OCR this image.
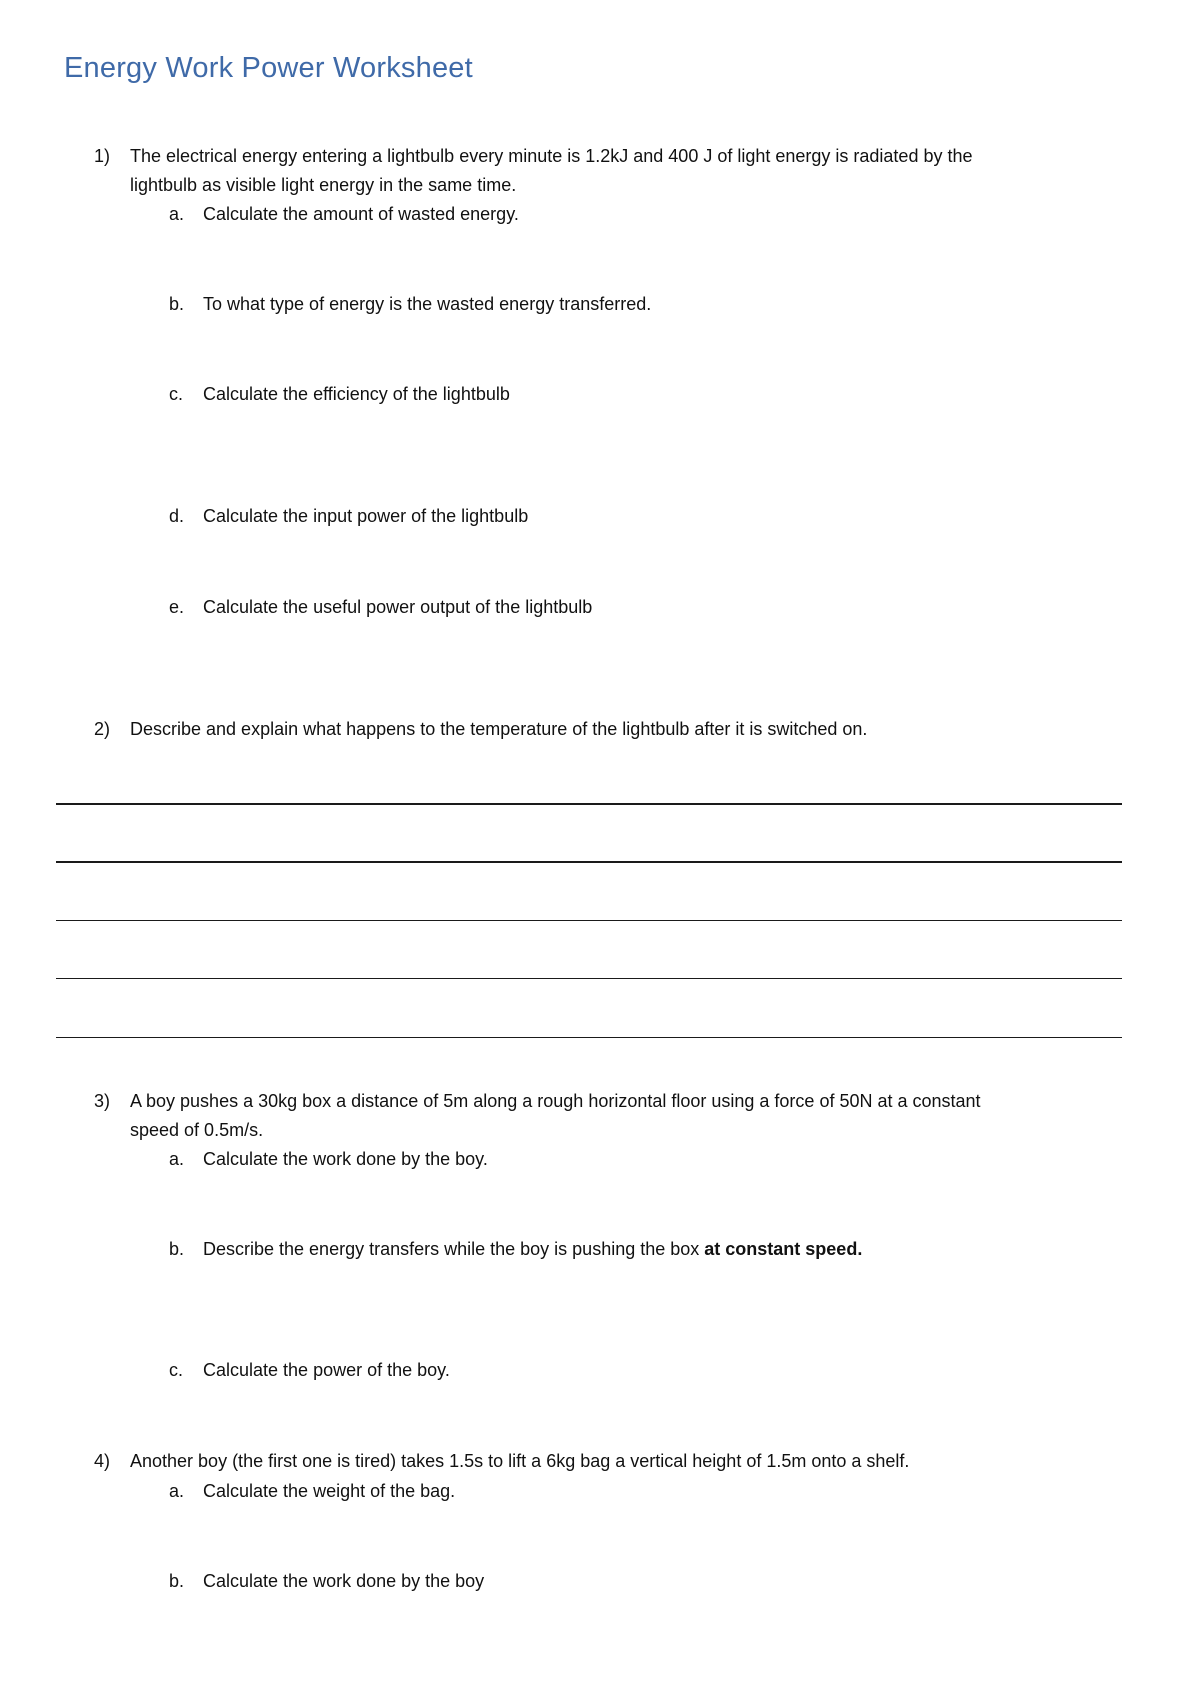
Energy Work Power Worksheet
1) The electrical energy entering a lightbulb every minute is 1.2kJ and 400 J of light energy is radiated by the
lightbulb as visible light energy in the same time.
a. Calculate the amount of wasted energy.
b. To what type of energy is the wasted energy transferred.
c. Calculate the efficiency of the lightbulb
d. Calculate the input power of the lightbulb
e. Calculate the useful power output of the lightbulb
2) Describe and explain what happens to the temperature of the lightbulb after it is switched on.
3) A boy pushes a 30kg box a distance of 5m along a rough horizontal floor using a force of 50N at a constant
speed of 0.5m/s.
a. Calculate the work done by the boy.
b. Describe the energy transfers while the boy is pushing the box at constant speed.
c. Calculate the power of the boy.
4) Another boy (the first one is tired) takes 1.5s to lift a 6kg bag a vertical height of 1.5m onto a shelf.
a. Calculate the weight of the bag.
b. Calculate the work done by the boy
